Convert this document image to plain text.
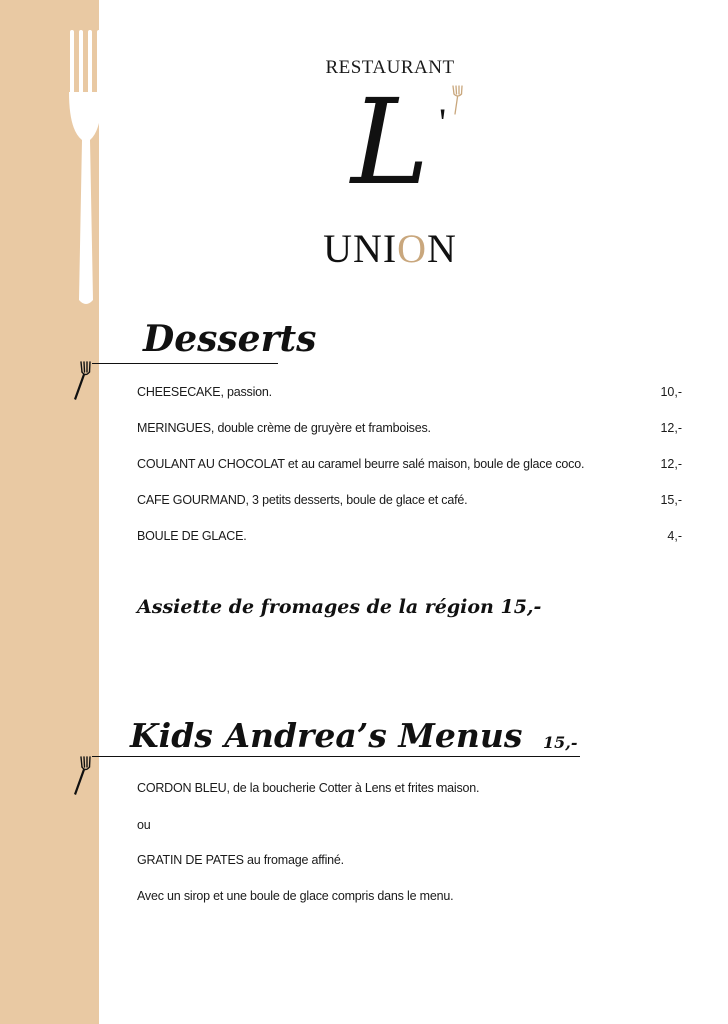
RESTAURANT
L '
UNION
Desserts
CHEESECAKE, passion.	10,-
MERINGUES, double crème de gruyère et framboises.	12,-
COULANT AU CHOCOLAT et au caramel beurre salé maison, boule de glace coco.	12,-
CAFE GOURMAND, 3 petits desserts, boule de glace et café.	15,-
BOULE DE GLACE.	4,-
Assiette de fromages de la région 15,-
Kids Andrea’s Menus 15,-
CORDON BLEU, de la boucherie Cotter à Lens et frites maison.
ou
GRATIN DE PATES au fromage affiné.
Avec un sirop et une boule de glace compris dans le menu.
